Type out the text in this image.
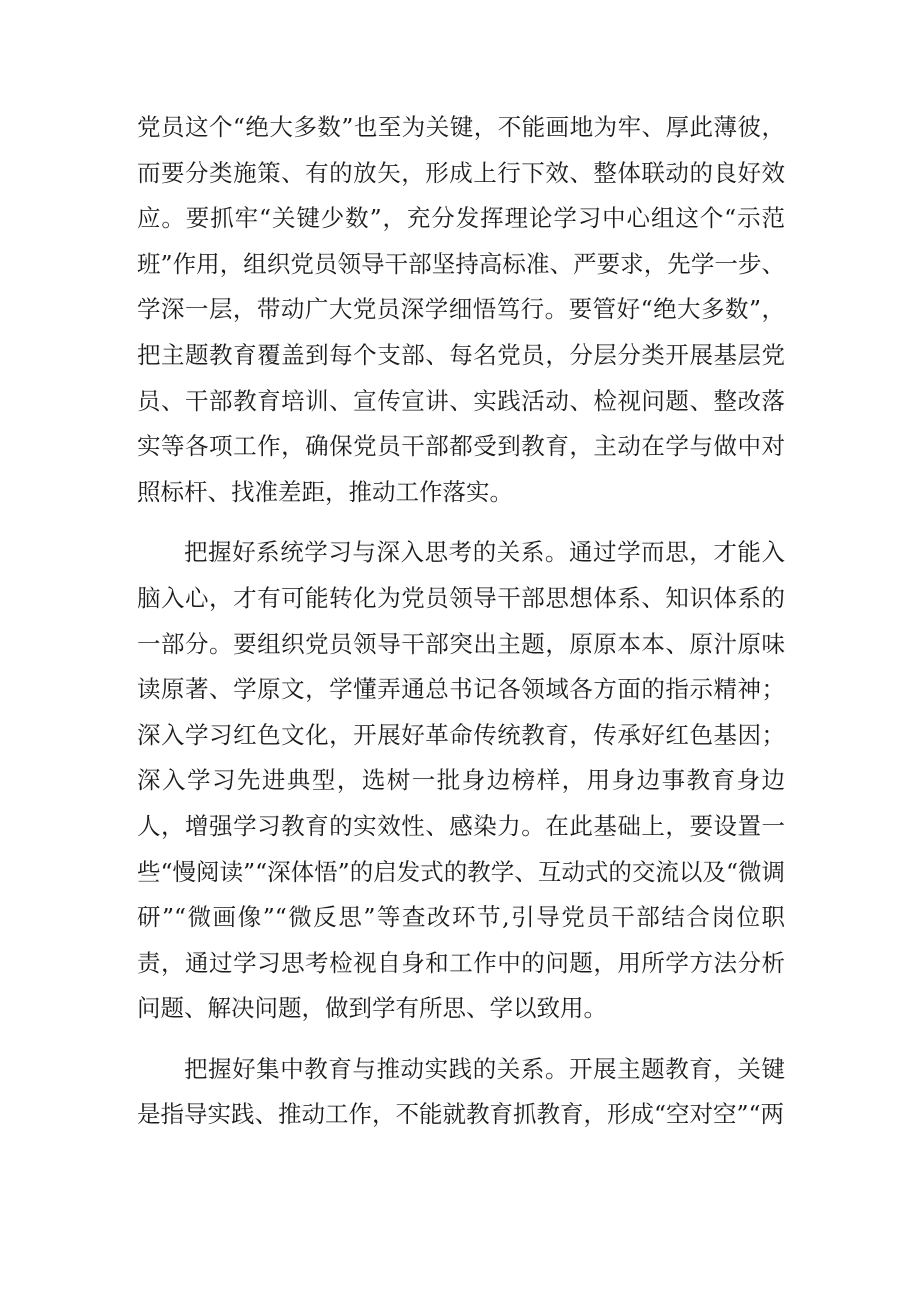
党员这个“绝大多数”也至为关键，不能画地为牢、厚此薄彼，而要分类施策、有的放矢，形成上行下效、整体联动的良好效应。要抓牢“关键少数”，充分发挥理论学习中心组这个“示范班”作用，组织党员领导干部坚持高标准、严要求，先学一步、学深一层，带动广大党员深学细悟笃行。要管好“绝大多数”，把主题教育覆盖到每个支部、每名党员，分层分类开展基层党员、干部教育培训、宣传宣讲、实践活动、检视问题、整改落实等各项工作，确保党员干部都受到教育，主动在学与做中对照标杆、找准差距，推动工作落实。

把握好系统学习与深入思考的关系。通过学而思，才能入脑入心，才有可能转化为党员领导干部思想体系、知识体系的一部分。要组织党员领导干部突出主题，原原本本、原汁原味读原著、学原文，学懂弄通总书记各领域各方面的指示精神；深入学习红色文化，开展好革命传统教育，传承好红色基因；深入学习先进典型，选树一批身边榜样，用身边事教育身边人，增强学习教育的实效性、感染力。在此基础上，要设置一些“慢阅读”“深体悟”的启发式的教学、互动式的交流以及“微调研”“微画像”“微反思”等查改环节,引导党员干部结合岗位职责，通过学习思考检视自身和工作中的问题，用所学方法分析问题、解决问题，做到学有所思、学以致用。

把握好集中教育与推动实践的关系。开展主题教育，关键是指导实践、推动工作，不能就教育抓教育，形成“空对空”“两
